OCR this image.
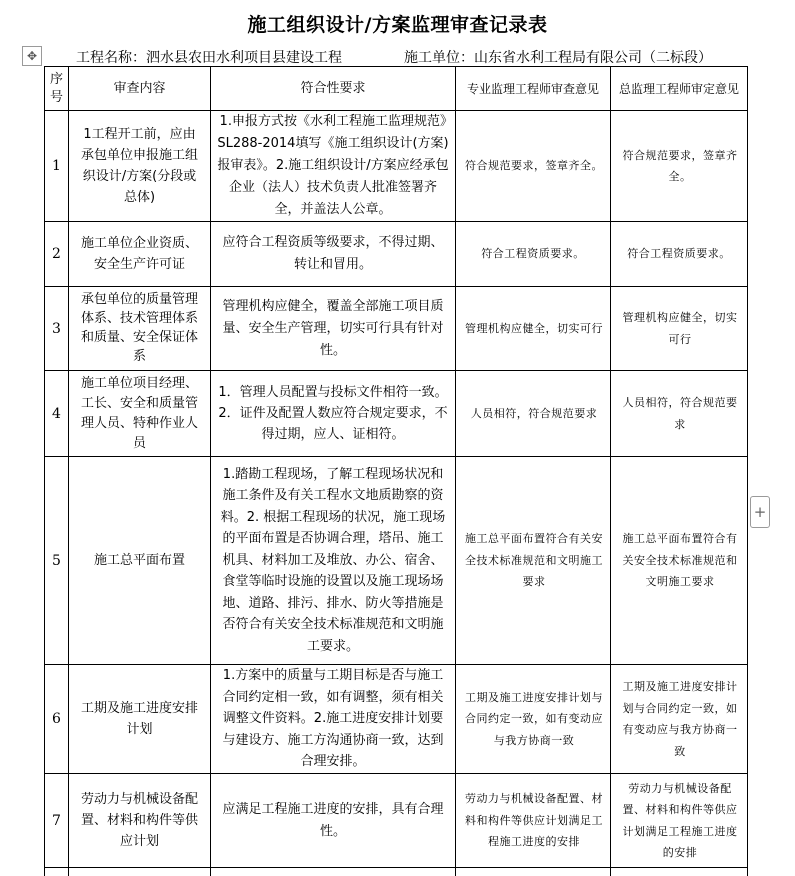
施工组织设计/方案监理审查记录表
✥	工程名称：泗水县农田水利项目县建设工程	施工单位：山东省水利工程局有限公司（二标段）
+
序号	审查内容	符合性要求	专业监理工程师审查意见	总监理工程师审定意见
1	1工程开工前，应由承包单位申报施工组织设计/方案(分段或总体)	1.申报方式按《水利工程施工监理规范》SL288-2014填写《施工组织设计(方案)报审表》。2.施工组织设计/方案应经承包企业（法人）技术负责人批准签署齐全，并盖法人公章。	符合规范要求，签章齐全。	符合规范要求，签章齐全。
2	施工单位企业资质、安全生产许可证	应符合工程资质等级要求，不得过期、转让和冒用。	符合工程资质要求。	符合工程资质要求。
3	承包单位的质量管理体系、技术管理体系和质量、安全保证体系	管理机构应健全，覆盖全部施工项目质量、安全生产管理，切实可行具有针对性。	管理机构应健全，切实可行	管理机构应健全，切实可行
4	施工单位项目经理、工长、安全和质量管理人员、特种作业人员	1．管理人员配置与投标文件相符一致。2．证件及配置人数应符合规定要求，不得过期，应人、证相符。	人员相符，符合规范要求	人员相符，符合规范要求
5	施工总平面布置	1.踏勘工程现场，了解工程现场状况和施工条件及有关工程水文地质勘察的资料。2. 根据工程现场的状况，施工现场的平面布置是否协调合理，塔吊、施工机具、材料加工及堆放、办公、宿舍、食堂等临时设施的设置以及施工现场场地、道路、排污、排水、防火等措施是否符合有关安全技术标准规范和文明施工要求。	施工总平面布置符合有关安全技术标准规范和文明施工要求	施工总平面布置符合有关安全技术标准规范和文明施工要求
6	工期及施工进度安排计划	1.方案中的质量与工期目标是否与施工合同约定相一致，如有调整，须有相关调整文件资料。2.施工进度安排计划要与建设方、施工方沟通协商一致，达到合理安排。	工期及施工进度安排计划与合同约定一致，如有变动应与我方协商一致	工期及施工进度安排计划与合同约定一致，如有变动应与我方协商一致
7	劳动力与机械设备配置、材料和构件等供应计划	应满足工程施工进度的安排，具有合理性。	劳动力与机械设备配置、材料和构件等供应计划满足工程施工进度的安排	劳动力与机械设备配置、材料和构件等供应计划满足工程施工进度的安排
